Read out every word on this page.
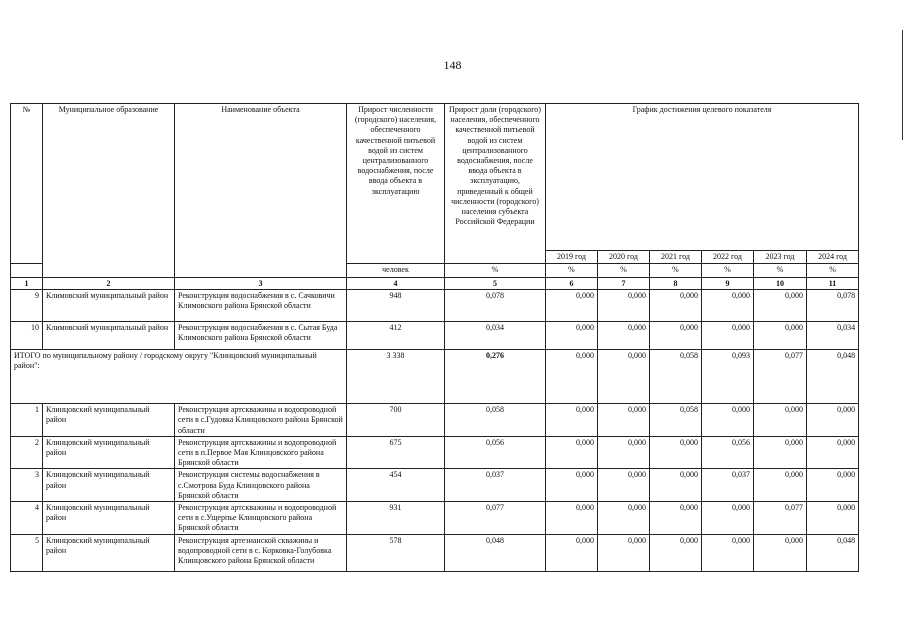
148
№	Муниципальное образование	Наименование объекта	Прирост численности (городского) населения, обеспеченного качественной питьевой водой из систем централизованного водоснабжения, после ввода объекта в эксплуатацию	Прирост доли (городского) населения, обеспеченного качественной питьевой водой из систем централизованного водоснабжения, после ввода объекта в эксплуатацию, приведенный к общей численности (городского) населения субъекта Российской Федерации	График достижения целевого показателя					
					2019 год	2020 год	2021 год	2022 год	2023 год	2024 год
			человек	%	%	%	%	%	%	%
1	2	3	4	5	6	7	8	9	10	11
9	Климовский муниципальный район	Реконструкция водоснабжения в с. Сачковичи Климовского района Брянской области	948	0,078	0,000	0,000	0,000	0,000	0,000	0,078
10	Климовский муниципальный район	Реконструкция водоснабжения в с. Сытая Буда Климовского района Брянской области	412	0,034	0,000	0,000	0,000	0,000	0,000	0,034
ИТОГО по муниципальному району / городскому округу "Клинцовский муниципальный район":			3 338	0,276	0,000	0,000	0,058	0,093	0,077	0,048
1	Клинцовский муниципальный район	Реконструкция артскважины и водопроводной сети в с.Гудовка Клинцовского района Брянской области	700	0,058	0,000	0,000	0,058	0,000	0,000	0,000
2	Клинцовский муниципальный район	Реконструкция артскважины и водопроводной сети в п.Первое Мая Клинцовского района Брянской области	675	0,056	0,000	0,000	0,000	0,056	0,000	0,000
3	Клинцовский муниципальный район	Реконструкция системы водоснабжения в с.Смотрова Буда Клинцовского района Брянской области	454	0,037	0,000	0,000	0,000	0,037	0,000	0,000
4	Клинцовский муниципальный район	Реконструкция артскважины и водопроводной сети в с.Ущерпье Клинцовского района Брянской области	931	0,077	0,000	0,000	0,000	0,000	0,077	0,000
5	Клинцовский муниципальный район	Реконструкция артезианской скважины и водопроводной сети в с. Корковка-Голубовка Клинцовского района Брянской области	578	0,048	0,000	0,000	0,000	0,000	0,000	0,048
